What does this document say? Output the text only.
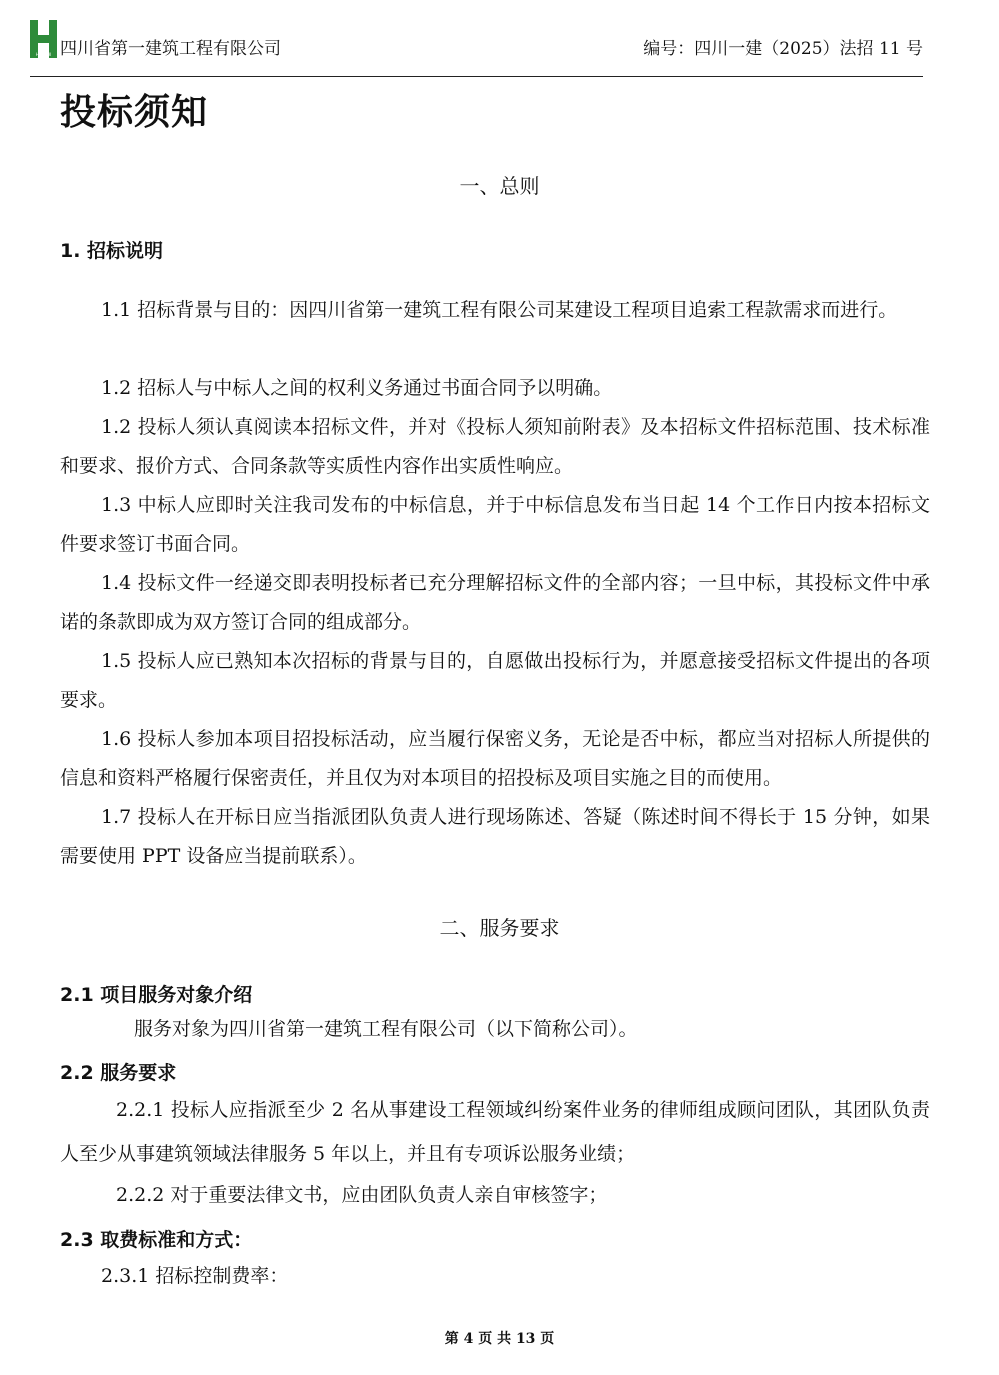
HUASHI 四川省第一建筑工程有限公司	编号：四川一建（2025）法招 11 号
投标须知
一、总则
1. 招标说明

1.1 招标背景与目的：因四川省第一建筑工程有限公司某建设工程项目追索工程款需求而进行。

1.2 招标人与中标人之间的权利义务通过书面合同予以明确。

1.2 投标人须认真阅读本招标文件，并对《投标人须知前附表》及本招标文件招标范围、技术标准和要求、报价方式、合同条款等实质性内容作出实质性响应。

1.3 中标人应即时关注我司发布的中标信息，并于中标信息发布当日起 14 个工作日内按本招标文件要求签订书面合同。

1.4 投标文件一经递交即表明投标者已充分理解招标文件的全部内容；一旦中标，其投标文件中承诺的条款即成为双方签订合同的组成部分。

1.5 投标人应已熟知本次招标的背景与目的，自愿做出投标行为，并愿意接受招标文件提出的各项要求。

1.6 投标人参加本项目招投标活动，应当履行保密义务，无论是否中标，都应当对招标人所提供的信息和资料严格履行保密责任，并且仅为对本项目的招投标及项目实施之目的而使用。

1.7 投标人在开标日应当指派团队负责人进行现场陈述、答疑（陈述时间不得长于 15 分钟，如果需要使用 PPT 设备应当提前联系）。

二、服务要求
2.1 项目服务对象介绍

服务对象为四川省第一建筑工程有限公司（以下简称公司）。

2.2 服务要求

2.2.1 投标人应指派至少 2 名从事建设工程领域纠纷案件业务的律师组成顾问团队，其团队负责人至少从事建筑领域法律服务 5 年以上，并且有专项诉讼服务业绩；

2.2.2 对于重要法律文书，应由团队负责人亲自审核签字；

2.3 取费标准和方式：

2.3.1 招标控制费率：

第 4 页 共 13 页
